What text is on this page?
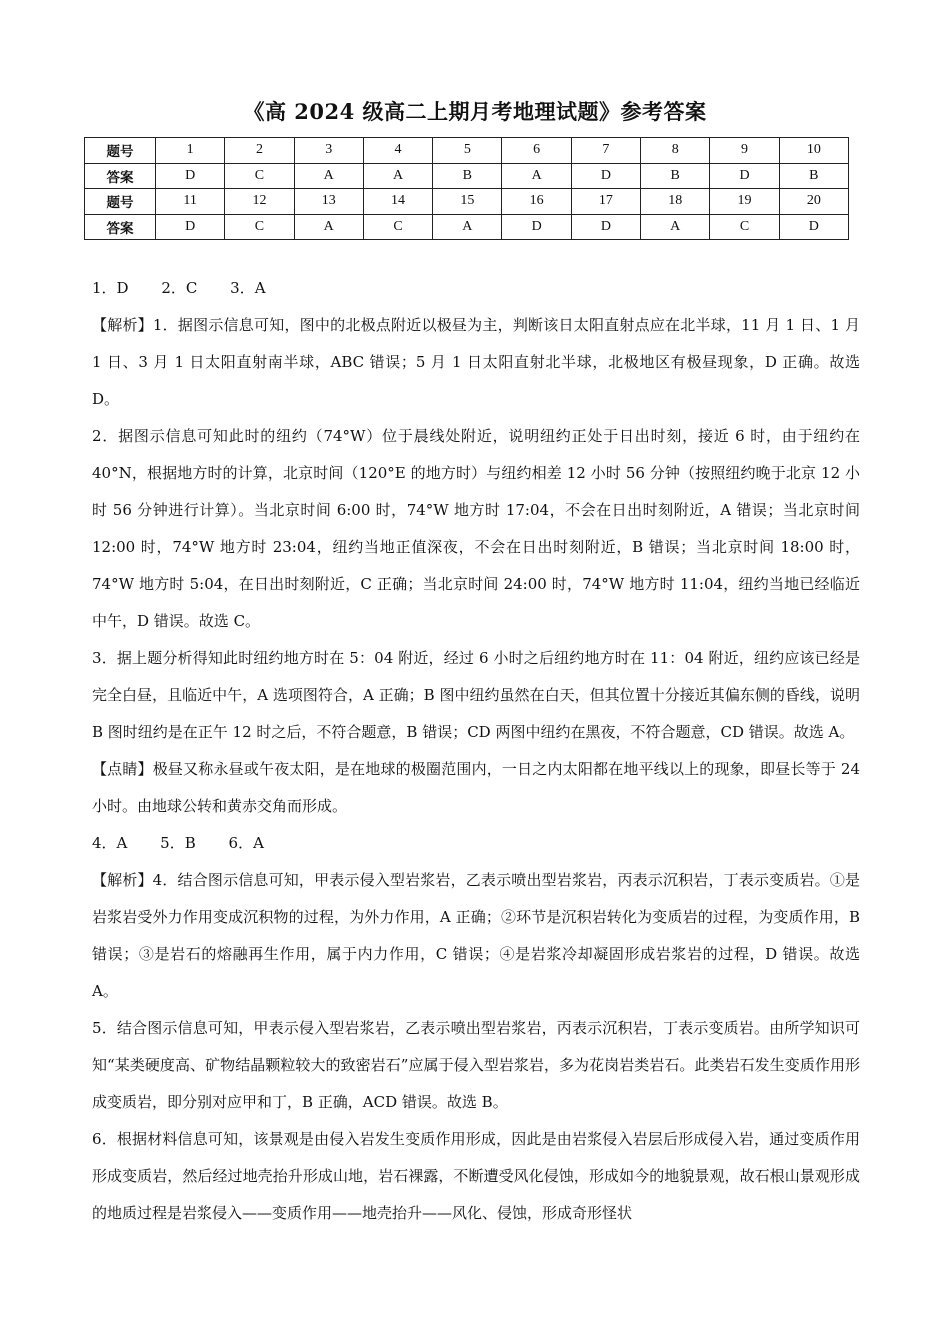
《高 2024 级高二上期月考地理试题》参考答案
题号	1	2	3	4	5	6	7	8	9	10
答案	D	C	A	A	B	A	D	B	D	B
题号	11	12	13	14	15	16	17	18	19	20
答案	D	C	A	C	A	D	D	A	C	D

1．D 2．C 3．A

【解析】1．据图示信息可知，图中的北极点附近以极昼为主，判断该日太阳直射点应在北半球，11 月 1 日、1 月 1 日、3 月 1 日太阳直射南半球，ABC 错误；5 月 1 日太阳直射北半球，北极地区有极昼现象，D 正确。故选 D。

2．据图示信息可知此时的纽约（74°W）位于晨线处附近，说明纽约正处于日出时刻，接近 6 时，由于纽约在 40°N，根据地方时的计算，北京时间（120°E 的地方时）与纽约相差 12 小时 56 分钟（按照纽约晚于北京 12 小时 56 分钟进行计算）。当北京时间 6:00 时，74°W 地方时 17:04，不会在日出时刻附近，A 错误；当北京时间 12:00 时，74°W 地方时 23:04，纽约当地正值深夜，不会在日出时刻附近，B 错误；当北京时间 18:00 时，74°W 地方时 5:04，在日出时刻附近，C 正确；当北京时间 24:00 时，74°W 地方时 11:04，纽约当地已经临近中午，D 错误。故选 C。

3．据上题分析得知此时纽约地方时在 5：04 附近，经过 6 小时之后纽约地方时在 11：04 附近，纽约应该已经是完全白昼，且临近中午，A 选项图符合，A 正确；B 图中纽约虽然在白天，但其位置十分接近其偏东侧的昏线，说明 B 图时纽约是在正午 12 时之后，不符合题意，B 错误；CD 两图中纽约在黑夜，不符合题意，CD 错误。故选 A。

【点睛】极昼又称永昼或午夜太阳，是在地球的极圈范围内，一日之内太阳都在地平线以上的现象，即昼长等于 24 小时。由地球公转和黄赤交角而形成。

4．A 5．B 6．A

【解析】4．结合图示信息可知，甲表示侵入型岩浆岩，乙表示喷出型岩浆岩，丙表示沉积岩，丁表示变质岩。①是岩浆岩受外力作用变成沉积物的过程，为外力作用，A 正确；②环节是沉积岩转化为变质岩的过程，为变质作用，B 错误；③是岩石的熔融再生作用，属于内力作用，C 错误；④是岩浆冷却凝固形成岩浆岩的过程，D 错误。故选 A。

5．结合图示信息可知，甲表示侵入型岩浆岩，乙表示喷出型岩浆岩，丙表示沉积岩，丁表示变质岩。由所学知识可知“某类硬度高、矿物结晶颗粒较大的致密岩石”应属于侵入型岩浆岩，多为花岗岩类岩石。此类岩石发生变质作用形成变质岩，即分别对应甲和丁，B 正确，ACD 错误。故选 B。

6．根据材料信息可知，该景观是由侵入岩发生变质作用形成，因此是由岩浆侵入岩层后形成侵入岩，通过变质作用形成变质岩，然后经过地壳抬升形成山地，岩石裸露，不断遭受风化侵蚀，形成如今的地貌景观，故石根山景观形成的地质过程是岩浆侵入——变质作用——地壳抬升——风化、侵蚀，形成奇形怪状
